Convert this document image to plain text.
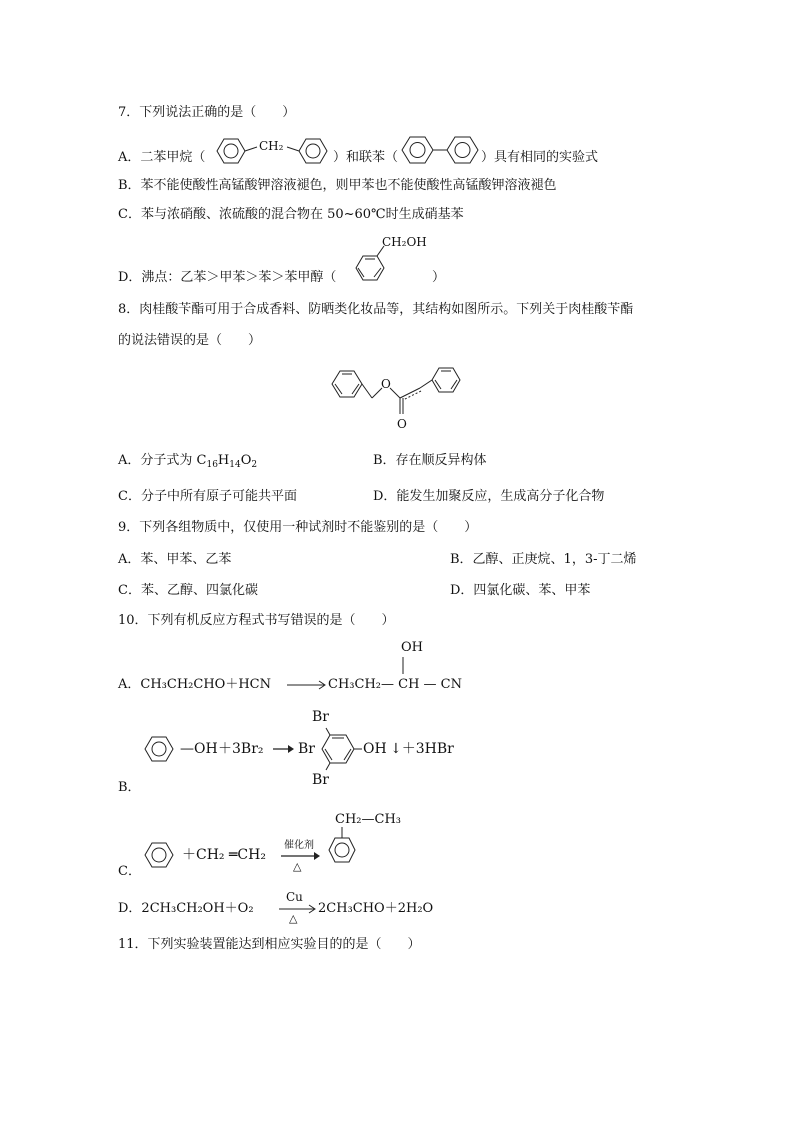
7．下列说法正确的是（　　）
A．二苯甲烷（
CH₂
）和联苯（	）具有相同的实验式
B．苯不能使酸性高锰酸钾溶液褪色，则甲苯也不能使酸性高锰酸钾溶液褪色
C．苯与浓硝酸、浓硫酸的混合物在 50~60℃时生成硝基苯
CH₂OH
D．沸点：乙苯＞甲苯＞苯＞苯甲醇（	）
8．肉桂酸苄酯可用于合成香料、防晒类化妆品等，其结构如图所示。下列关于肉桂酸苄酯
的说法错误的是（　　）
O
O
A．分子式为 $C_{16}H_{14}O_2$	B．存在顺反异构体
C．分子中所有原子可能共平面	D．能发生加聚反应，生成高分子化合物
9．下列各组物质中，仅使用一种试剂时不能鉴别的是（　　）
A．苯、甲苯、乙苯	B．乙醇、正庚烷、1，3-丁二烯
C．苯、乙醇、四氯化碳	D．四氯化碳、苯、甲苯
10．下列有机反应方程式书写错误的是（　　）
OH
A．CH₃CH₂CHO＋HCN → CH₃CH₂— CH — CN
—OH ＋3Br₂ →
Br
Br	OH ↓＋3HBr
Br
B．
＋CH₂ ═CH₂
催化剂
△
CH₂—CH₃
C．
D．2CH₃CH₂OH＋O₂
Cu
△
2CH₃CHO＋2H₂O
11．下列实验装置能达到相应实验目的的是（　　）
